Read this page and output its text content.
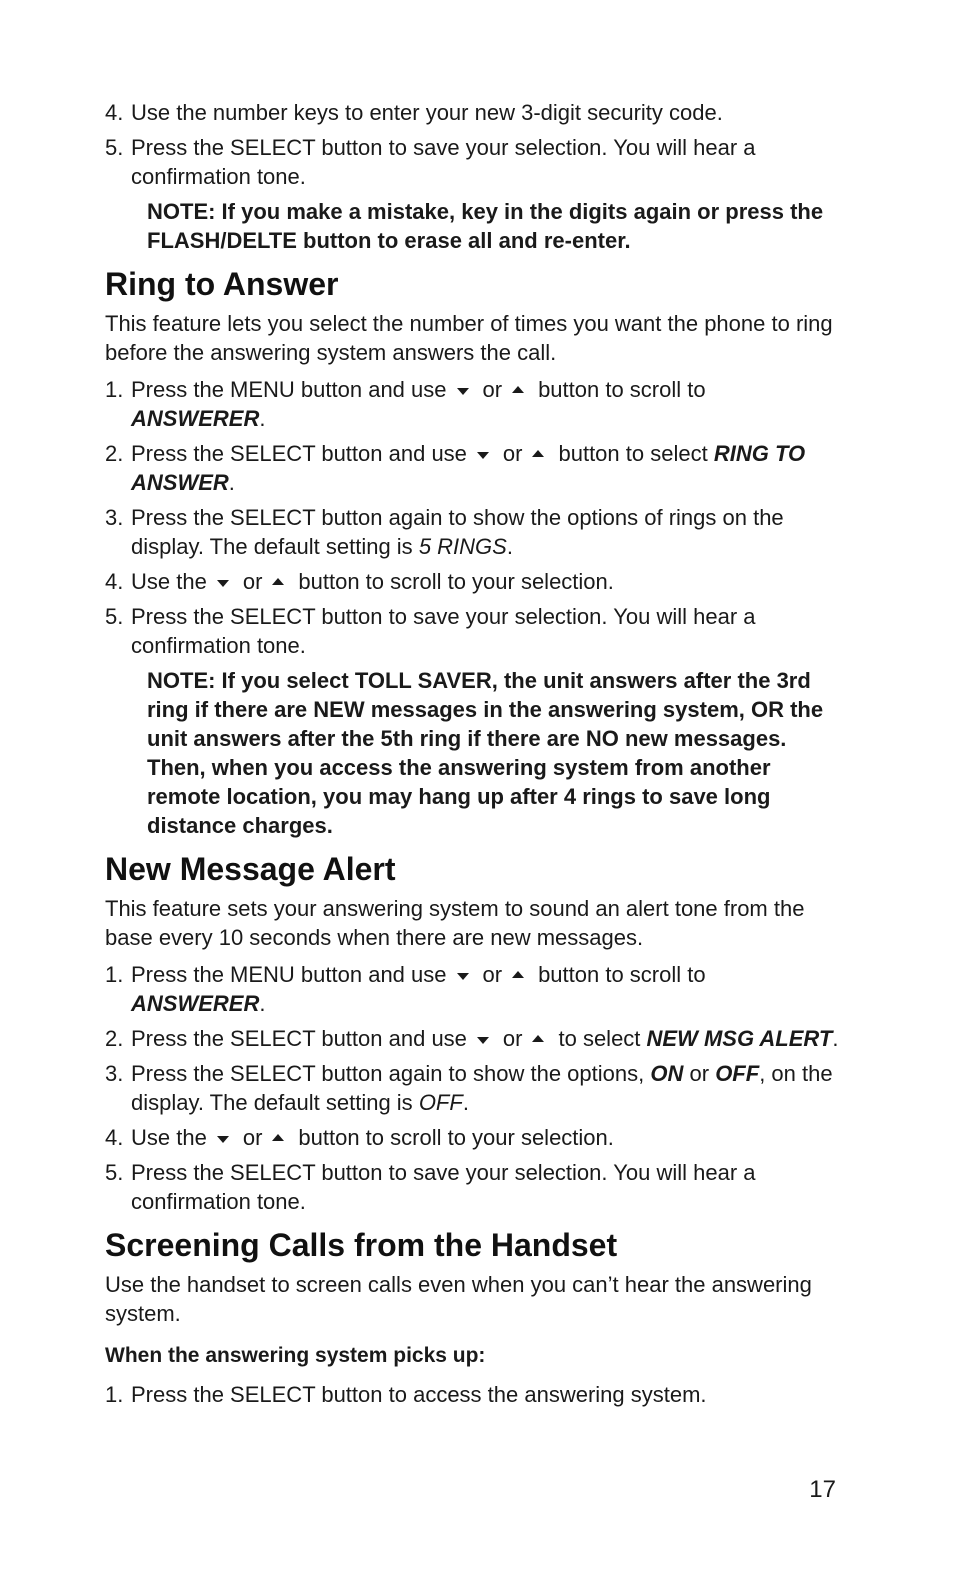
4. Use the number keys to enter your new 3-digit security code.
5. Press the SELECT button to save your selection. You will hear a confirmation tone.
NOTE: If you make a mistake, key in the digits again or press the FLASH/DELTE button to erase all and re-enter.
Ring to Answer

This feature lets you select the number of times you want the phone to ring before the answering system answers the call.

1. Press the MENU button and use or button to scroll to ANSWERER.
2. Press the SELECT button and use or button to select RING TO ANSWER.
3. Press the SELECT button again to show the options of rings on the display. The default setting is 5 RINGS.
4. Use the or button to scroll to your selection.
5. Press the SELECT button to save your selection. You will hear a confirmation tone.
NOTE: If you select TOLL SAVER, the unit answers after the 3rd ring if there are NEW messages in the answering system, OR the unit answers after the 5th ring if there are NO new messages. Then, when you access the answering system from another remote location, you may hang up after 4 rings to save long distance charges.
New Message Alert

This feature sets your answering system to sound an alert tone from the base every 10 seconds when there are new messages.

1. Press the MENU button and use or button to scroll to ANSWERER.
2. Press the SELECT button and use or to select NEW MSG ALERT.
3. Press the SELECT button again to show the options, ON or OFF, on the display. The default setting is OFF.
4. Use the or button to scroll to your selection.
5. Press the SELECT button to save your selection. You will hear a confirmation tone.
Screening Calls from the Handset

Use the handset to screen calls even when you can’t hear the answering system.

When the answering system picks up:
1. Press the SELECT button to access the answering system.
17
